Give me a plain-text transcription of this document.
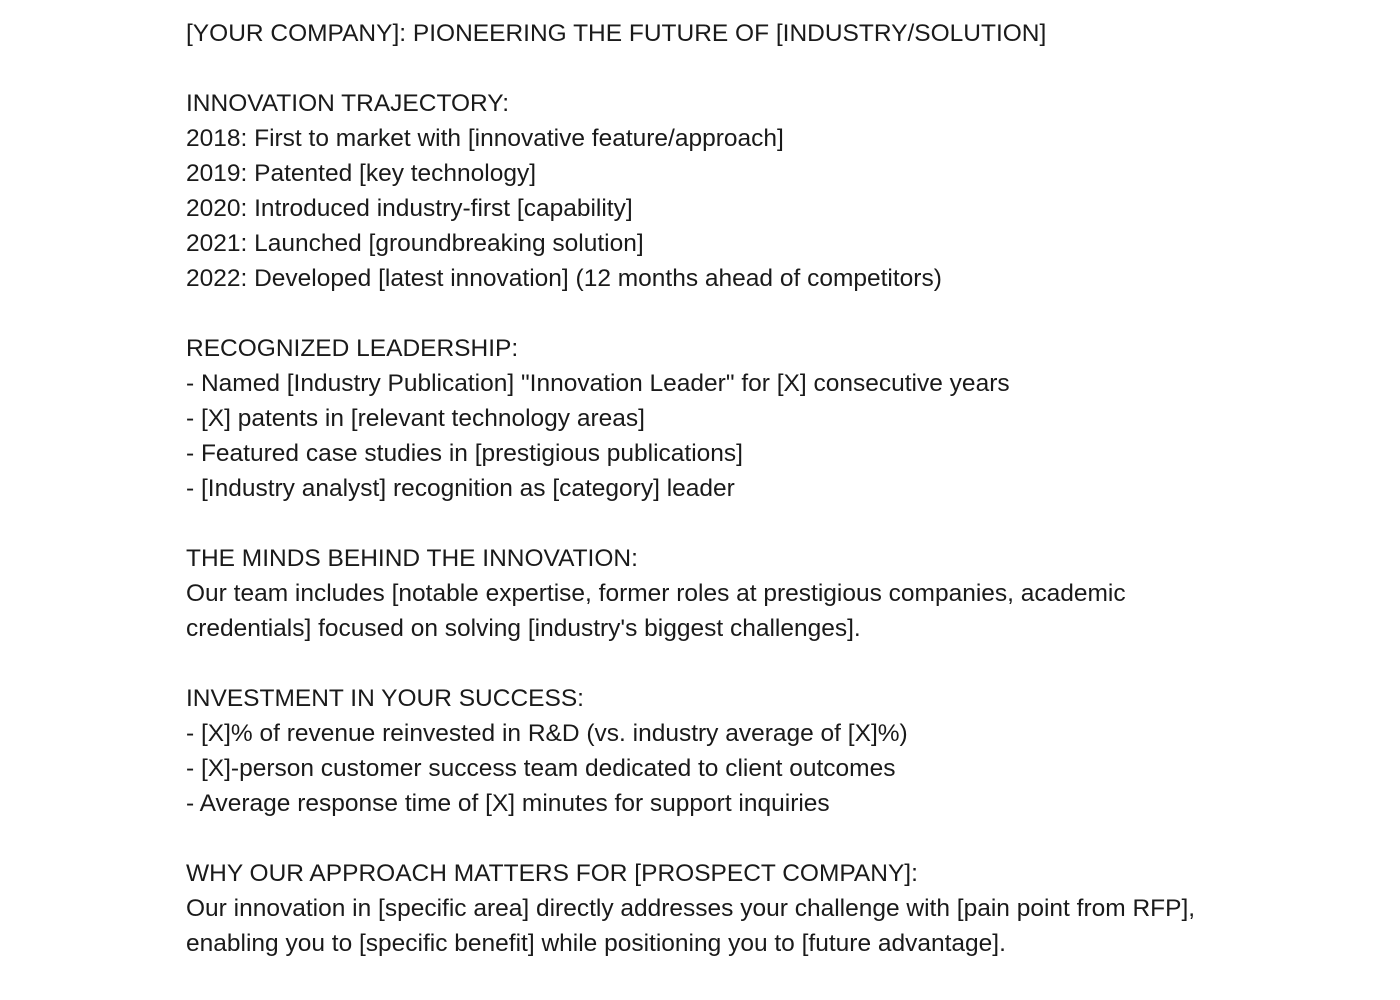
[YOUR COMPANY]: PIONEERING THE FUTURE OF [INDUSTRY/SOLUTION]
INNOVATION TRAJECTORY:
2018: First to market with [innovative feature/approach]
2019: Patented [key technology]
2020: Introduced industry-first [capability]
2021: Launched [groundbreaking solution]
2022: Developed [latest innovation] (12 months ahead of competitors)
RECOGNIZED LEADERSHIP:
- Named [Industry Publication] "Innovation Leader" for [X] consecutive years
- [X] patents in [relevant technology areas]
- Featured case studies in [prestigious publications]
- [Industry analyst] recognition as [category] leader
THE MINDS BEHIND THE INNOVATION:
Our team includes [notable expertise, former roles at prestigious companies, academic credentials] focused on solving [industry's biggest challenges].
INVESTMENT IN YOUR SUCCESS:
- [X]% of revenue reinvested in R&D (vs. industry average of [X]%)
- [X]-person customer success team dedicated to client outcomes
- Average response time of [X] minutes for support inquiries
WHY OUR APPROACH MATTERS FOR [PROSPECT COMPANY]:
Our innovation in [specific area] directly addresses your challenge with [pain point from RFP], enabling you to [specific benefit] while positioning you to [future advantage].
